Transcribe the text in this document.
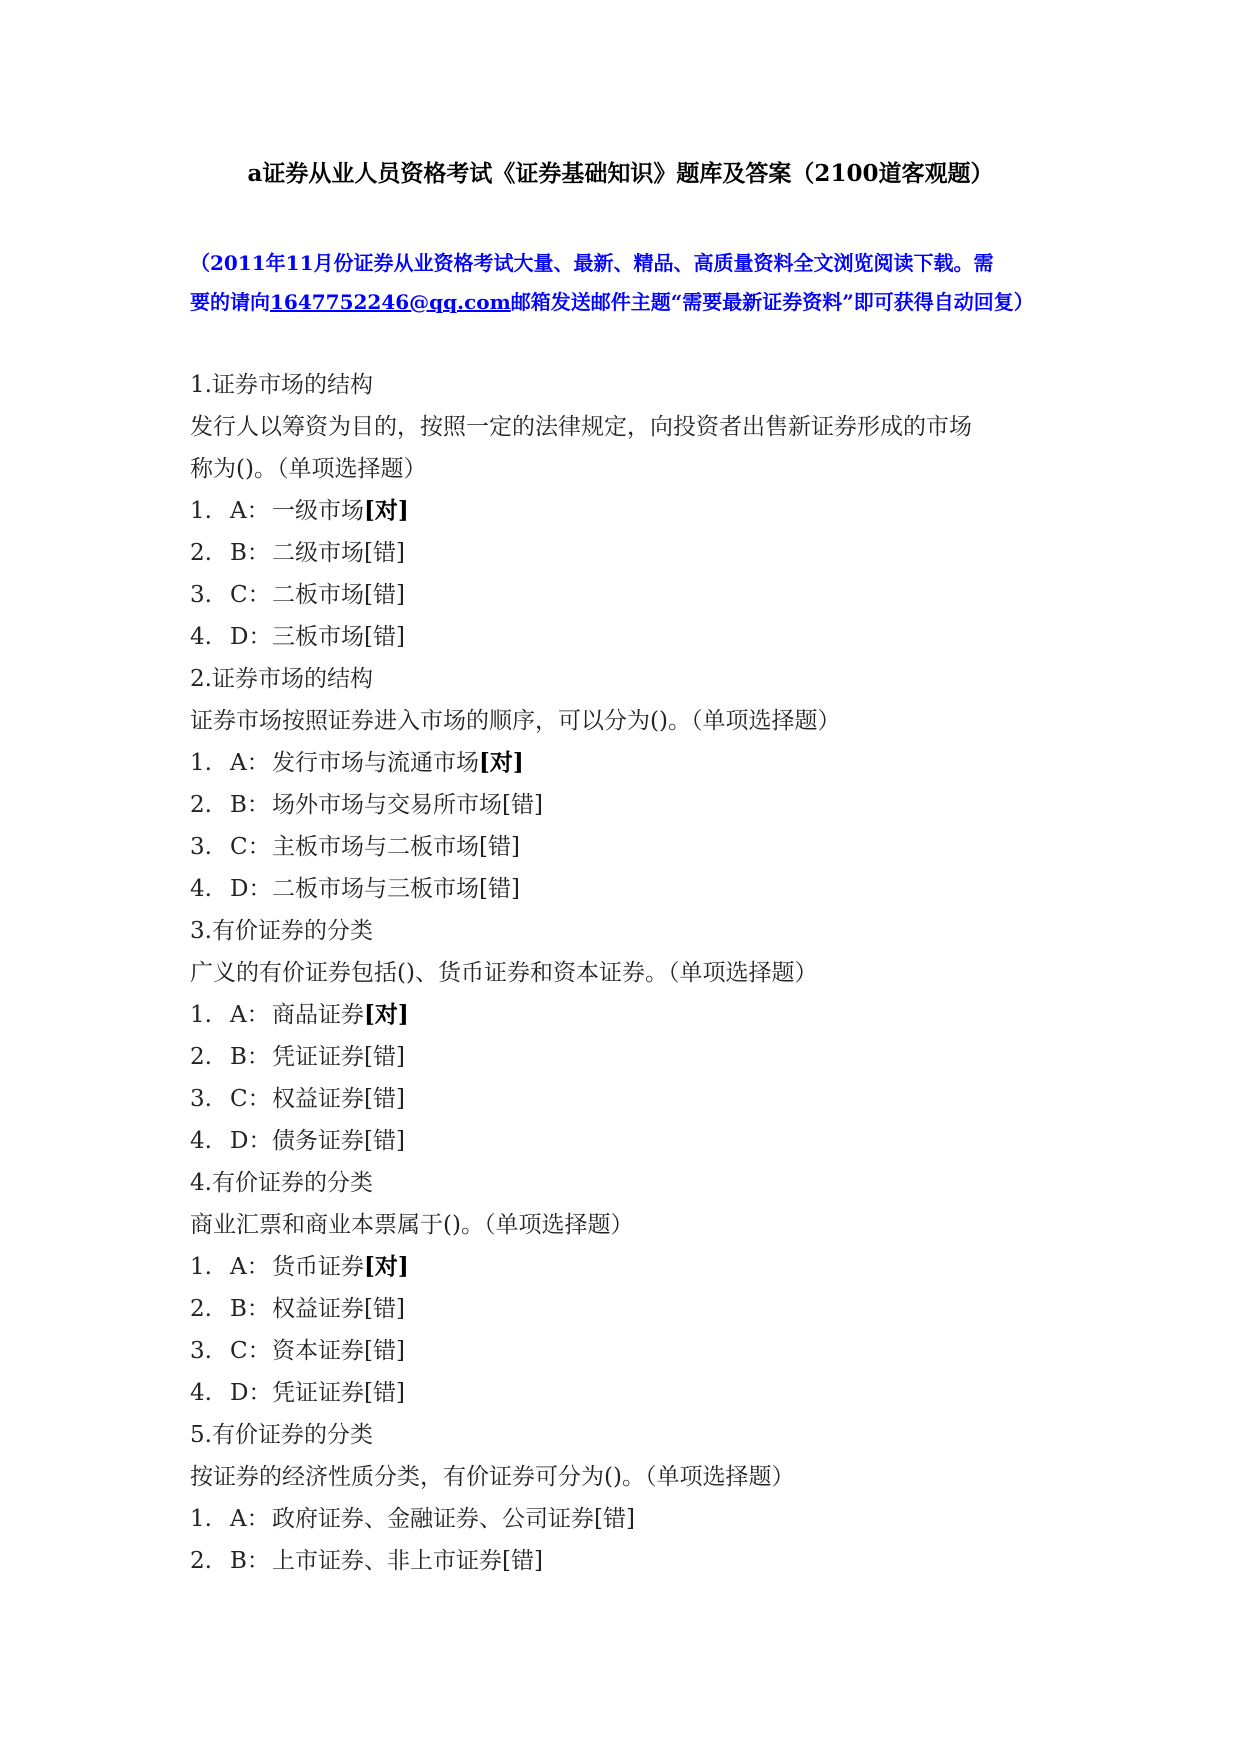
a证券从业人员资格考试《证券基础知识》题库及答案（2100道客观题）
（2011年11月份证券从业资格考试大量、最新、精品、高质量资料全文浏览阅读下载。需
要的请向1647752246@qq.com邮箱发送邮件主题“需要最新证券资料”即可获得自动回复）
1.证券市场的结构
发行人以筹资为目的，按照一定的法律规定，向投资者出售新证券形成的市场
称为()。（单项选择题）
1. A： 一级市场[对]
2. B：二级市场[错]
3. C：二板市场[错]
4. D：三板市场[错]
2.证券市场的结构
证券市场按照证券进入市场的顺序，可以分为()。（单项选择题）
1. A： 发行市场与流通市场[对]
2. B：场外市场与交易所市场[错]
3. C：主板市场与二板市场[错]
4. D：二板市场与三板市场[错]
3.有价证券的分类
广义的有价证券包括()、货币证券和资本证券。（单项选择题）
1. A： 商品证券[对]
2. B：凭证证券[错]
3. C：权益证券[错]
4. D：债务证券[错]
4.有价证券的分类
商业汇票和商业本票属于()。（单项选择题）
1. A： 货币证券[对]
2. B：权益证券[错]
3. C：资本证券[错]
4. D：凭证证券[错]
5.有价证券的分类
按证券的经济性质分类，有价证券可分为()。（单项选择题）
1. A： 政府证券、金融证券、公司证券[错]
2. B：上市证券、非上市证券[错]
